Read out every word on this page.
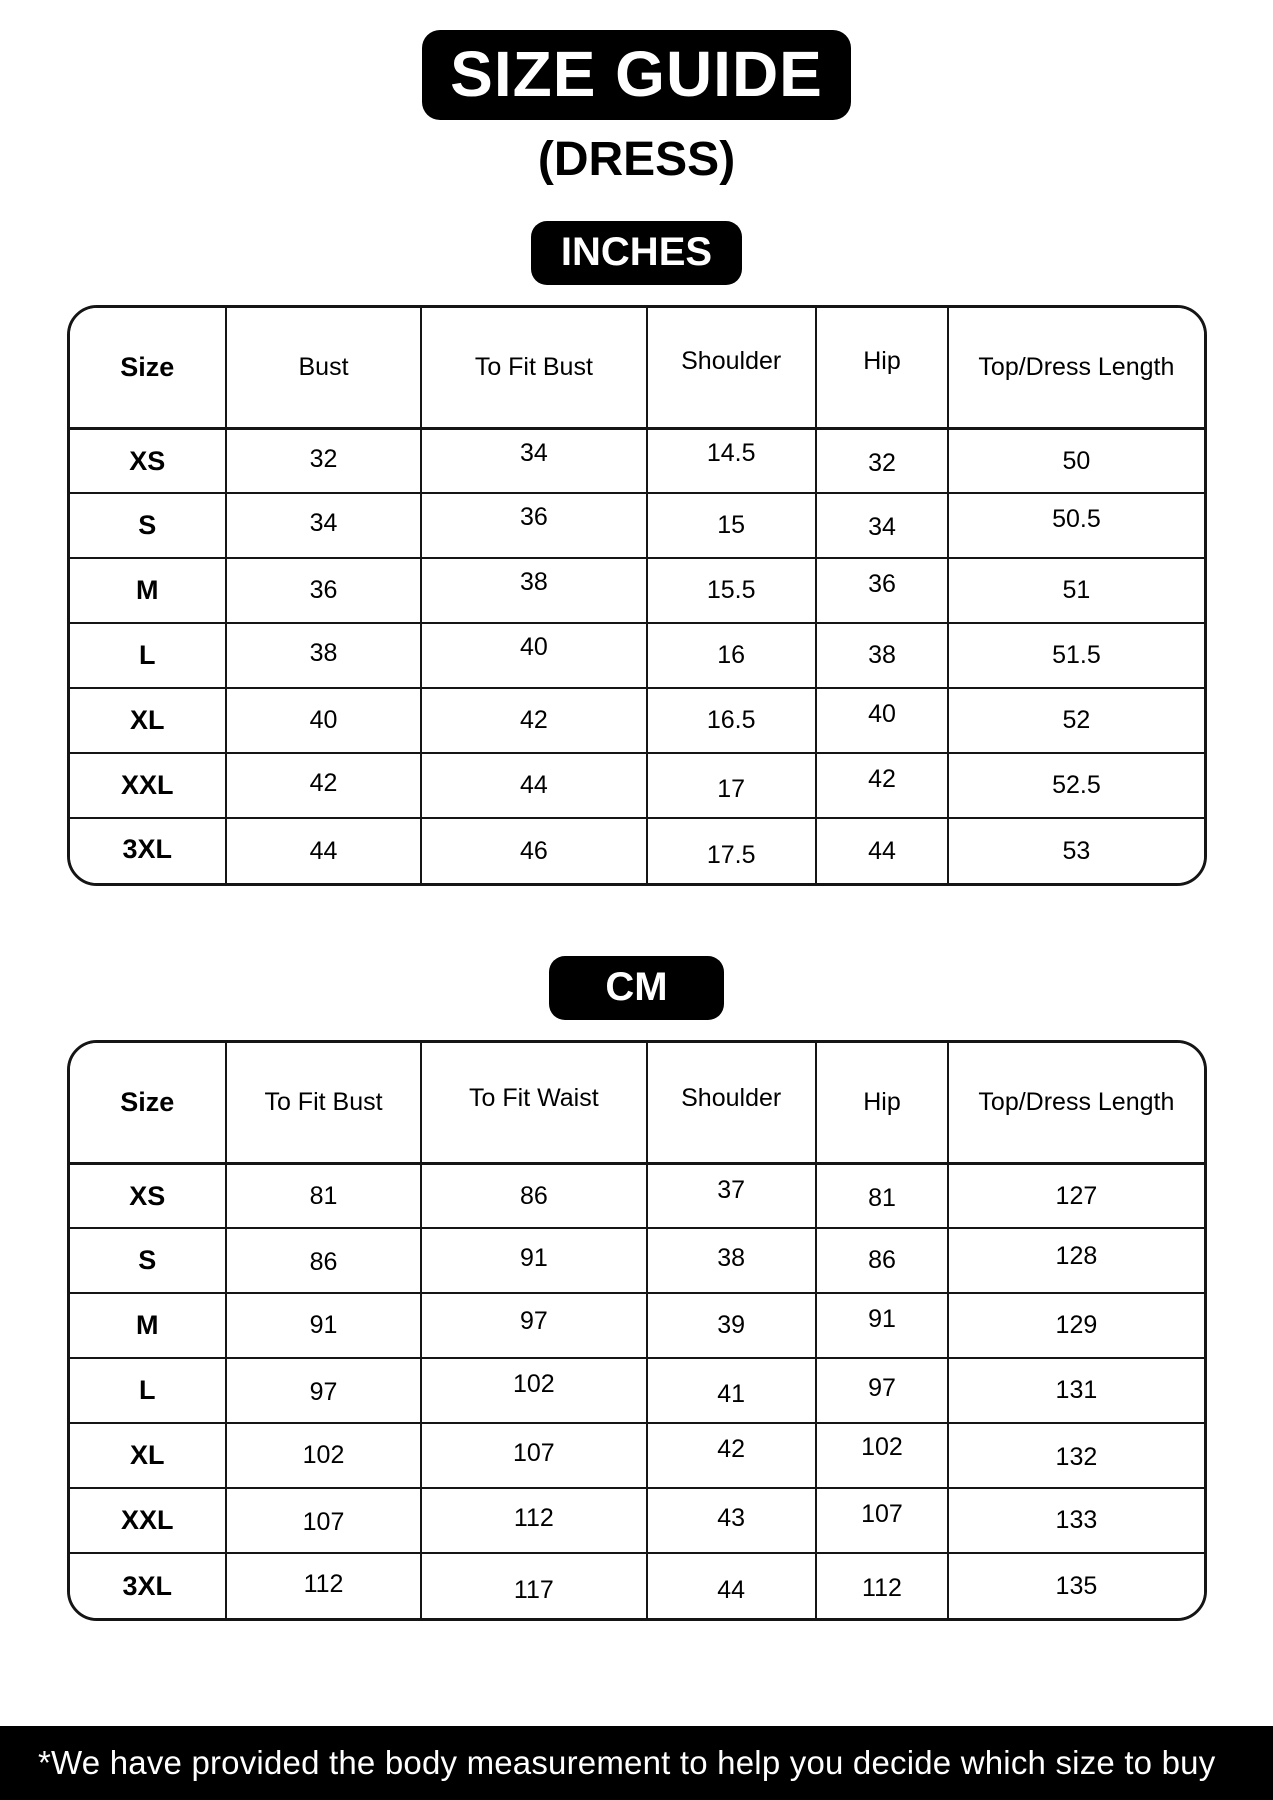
SIZE GUIDE
(DRESS)
INCHES
Size	Bust	To Fit Bust	Shoulder	Hip	Top/Dress Length
XS	32	34	14.5	32	50
S	34	36	15	34	50.5
M	36	38	15.5	36	51
L	38	40	16	38	51.5
XL	40	42	16.5	40	52
XXL	42	44	17	42	52.5
3XL	44	46	17.5	44	53
CM
Size	To Fit Bust	To Fit Waist	Shoulder	Hip	Top/Dress Length
XS	81	86	37	81	127
S	86	91	38	86	128
M	91	97	39	91	129
L	97	102	41	97	131
XL	102	107	42	102	132
XXL	107	112	43	107	133
3XL	112	117	44	112	135
*We have provided the body measurement to help you decide which size to buy
